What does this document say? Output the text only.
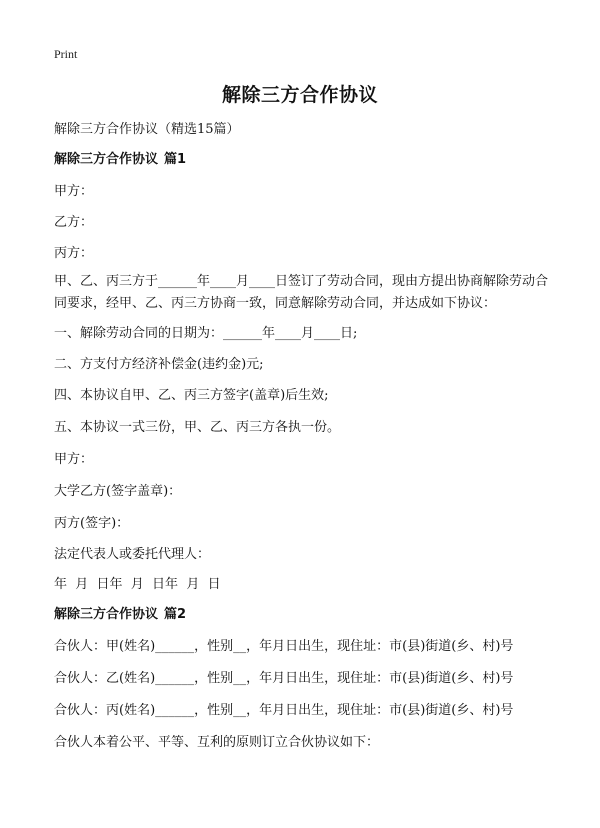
Print
解除三方合作协议
解除三方合作协议（精选15篇）
解除三方合作协议 篇1
甲方：
乙方：
丙方：
甲、乙、丙三方于______年____月____日签订了劳动合同，现由方提出协商解除劳动合同要求，经甲、乙、丙三方协商一致，同意解除劳动合同，并达成如下协议：
一、解除劳动合同的日期为：______年____月____日;
二、方支付方经济补偿金(违约金)元;
四、本协议自甲、乙、丙三方签字(盖章)后生效;
五、本协议一式三份，甲、乙、丙三方各执一份。
甲方：
大学乙方(签字盖章)：
丙方(签字)：
法定代表人或委托代理人：
年  月  日年  月  日年  月  日
解除三方合作协议 篇2
合伙人：甲(姓名)______，性别__，年月日出生，现住址：市(县)街道(乡、村)号
合伙人：乙(姓名)______，性别__，年月日出生，现住址：市(县)街道(乡、村)号
合伙人：丙(姓名)______，性别__，年月日出生，现住址：市(县)街道(乡、村)号
合伙人本着公平、平等、互利的原则订立合伙协议如下：
